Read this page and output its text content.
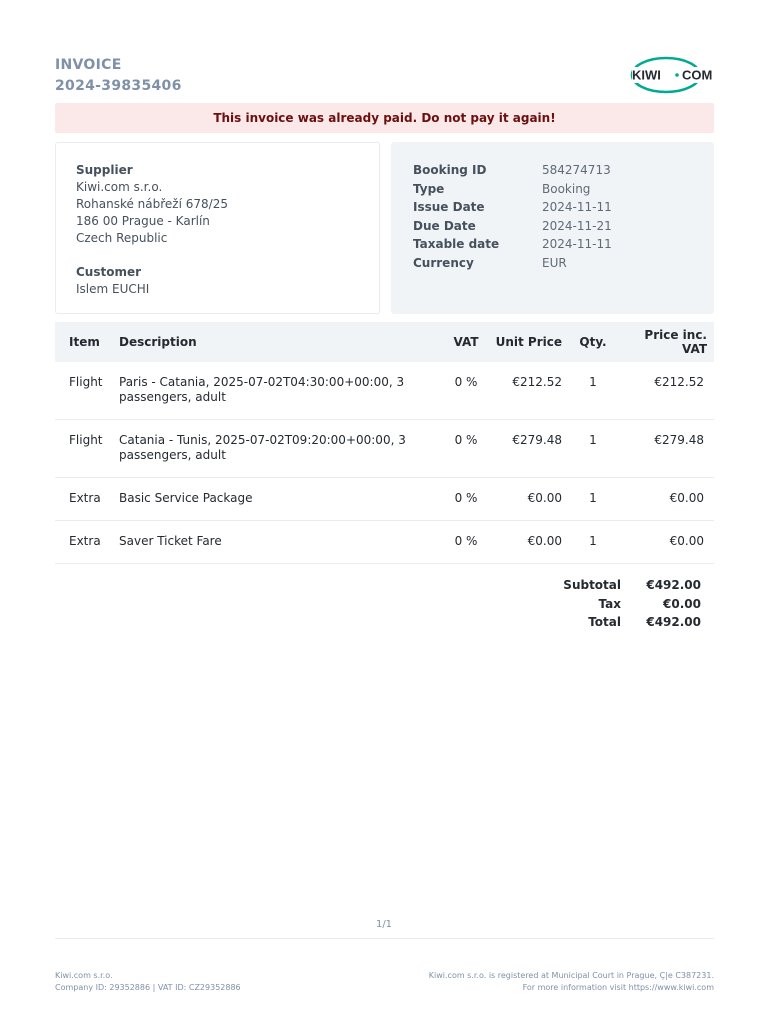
INVOICE
2024-39835406
KIWI COM
This invoice was already paid. Do not pay it again!
Supplier
Kiwi.com s.r.o.
Rohanské nábřeží 678/25
186 00 Prague - Karlín
Czech Republic
Customer
Islem EUCHI
Booking ID	584274713
Type	Booking
Issue Date	2024-11-11
Due Date	2024-11-21
Taxable date	2024-11-11
Currency	EUR
Item	Description	VAT	Unit Price	Qty.	Price inc. VAT
Flight	Paris - Catania, 2025-07-02T04:30:00+00:00, 3 passengers, adult	0 %	€212.52	1	€212.52
Flight	Catania - Tunis, 2025-07-02T09:20:00+00:00, 3 passengers, adult	0 %	€279.48	1	€279.48
Extra	Basic Service Package	0 %	€0.00	1	€0.00
Extra	Saver Ticket Fare	0 %	€0.00	1	€0.00
Subtotal	€492.00
Tax	€0.00
Total	€492.00
1/1
Kiwi.com s.r.o.
Company ID: 29352886 | VAT ID: CZ29352886
Kiwi.com s.r.o. is registered at Municipal Court in Prague, Ç|e C387231.
For more information visit https://www.kiwi.com
